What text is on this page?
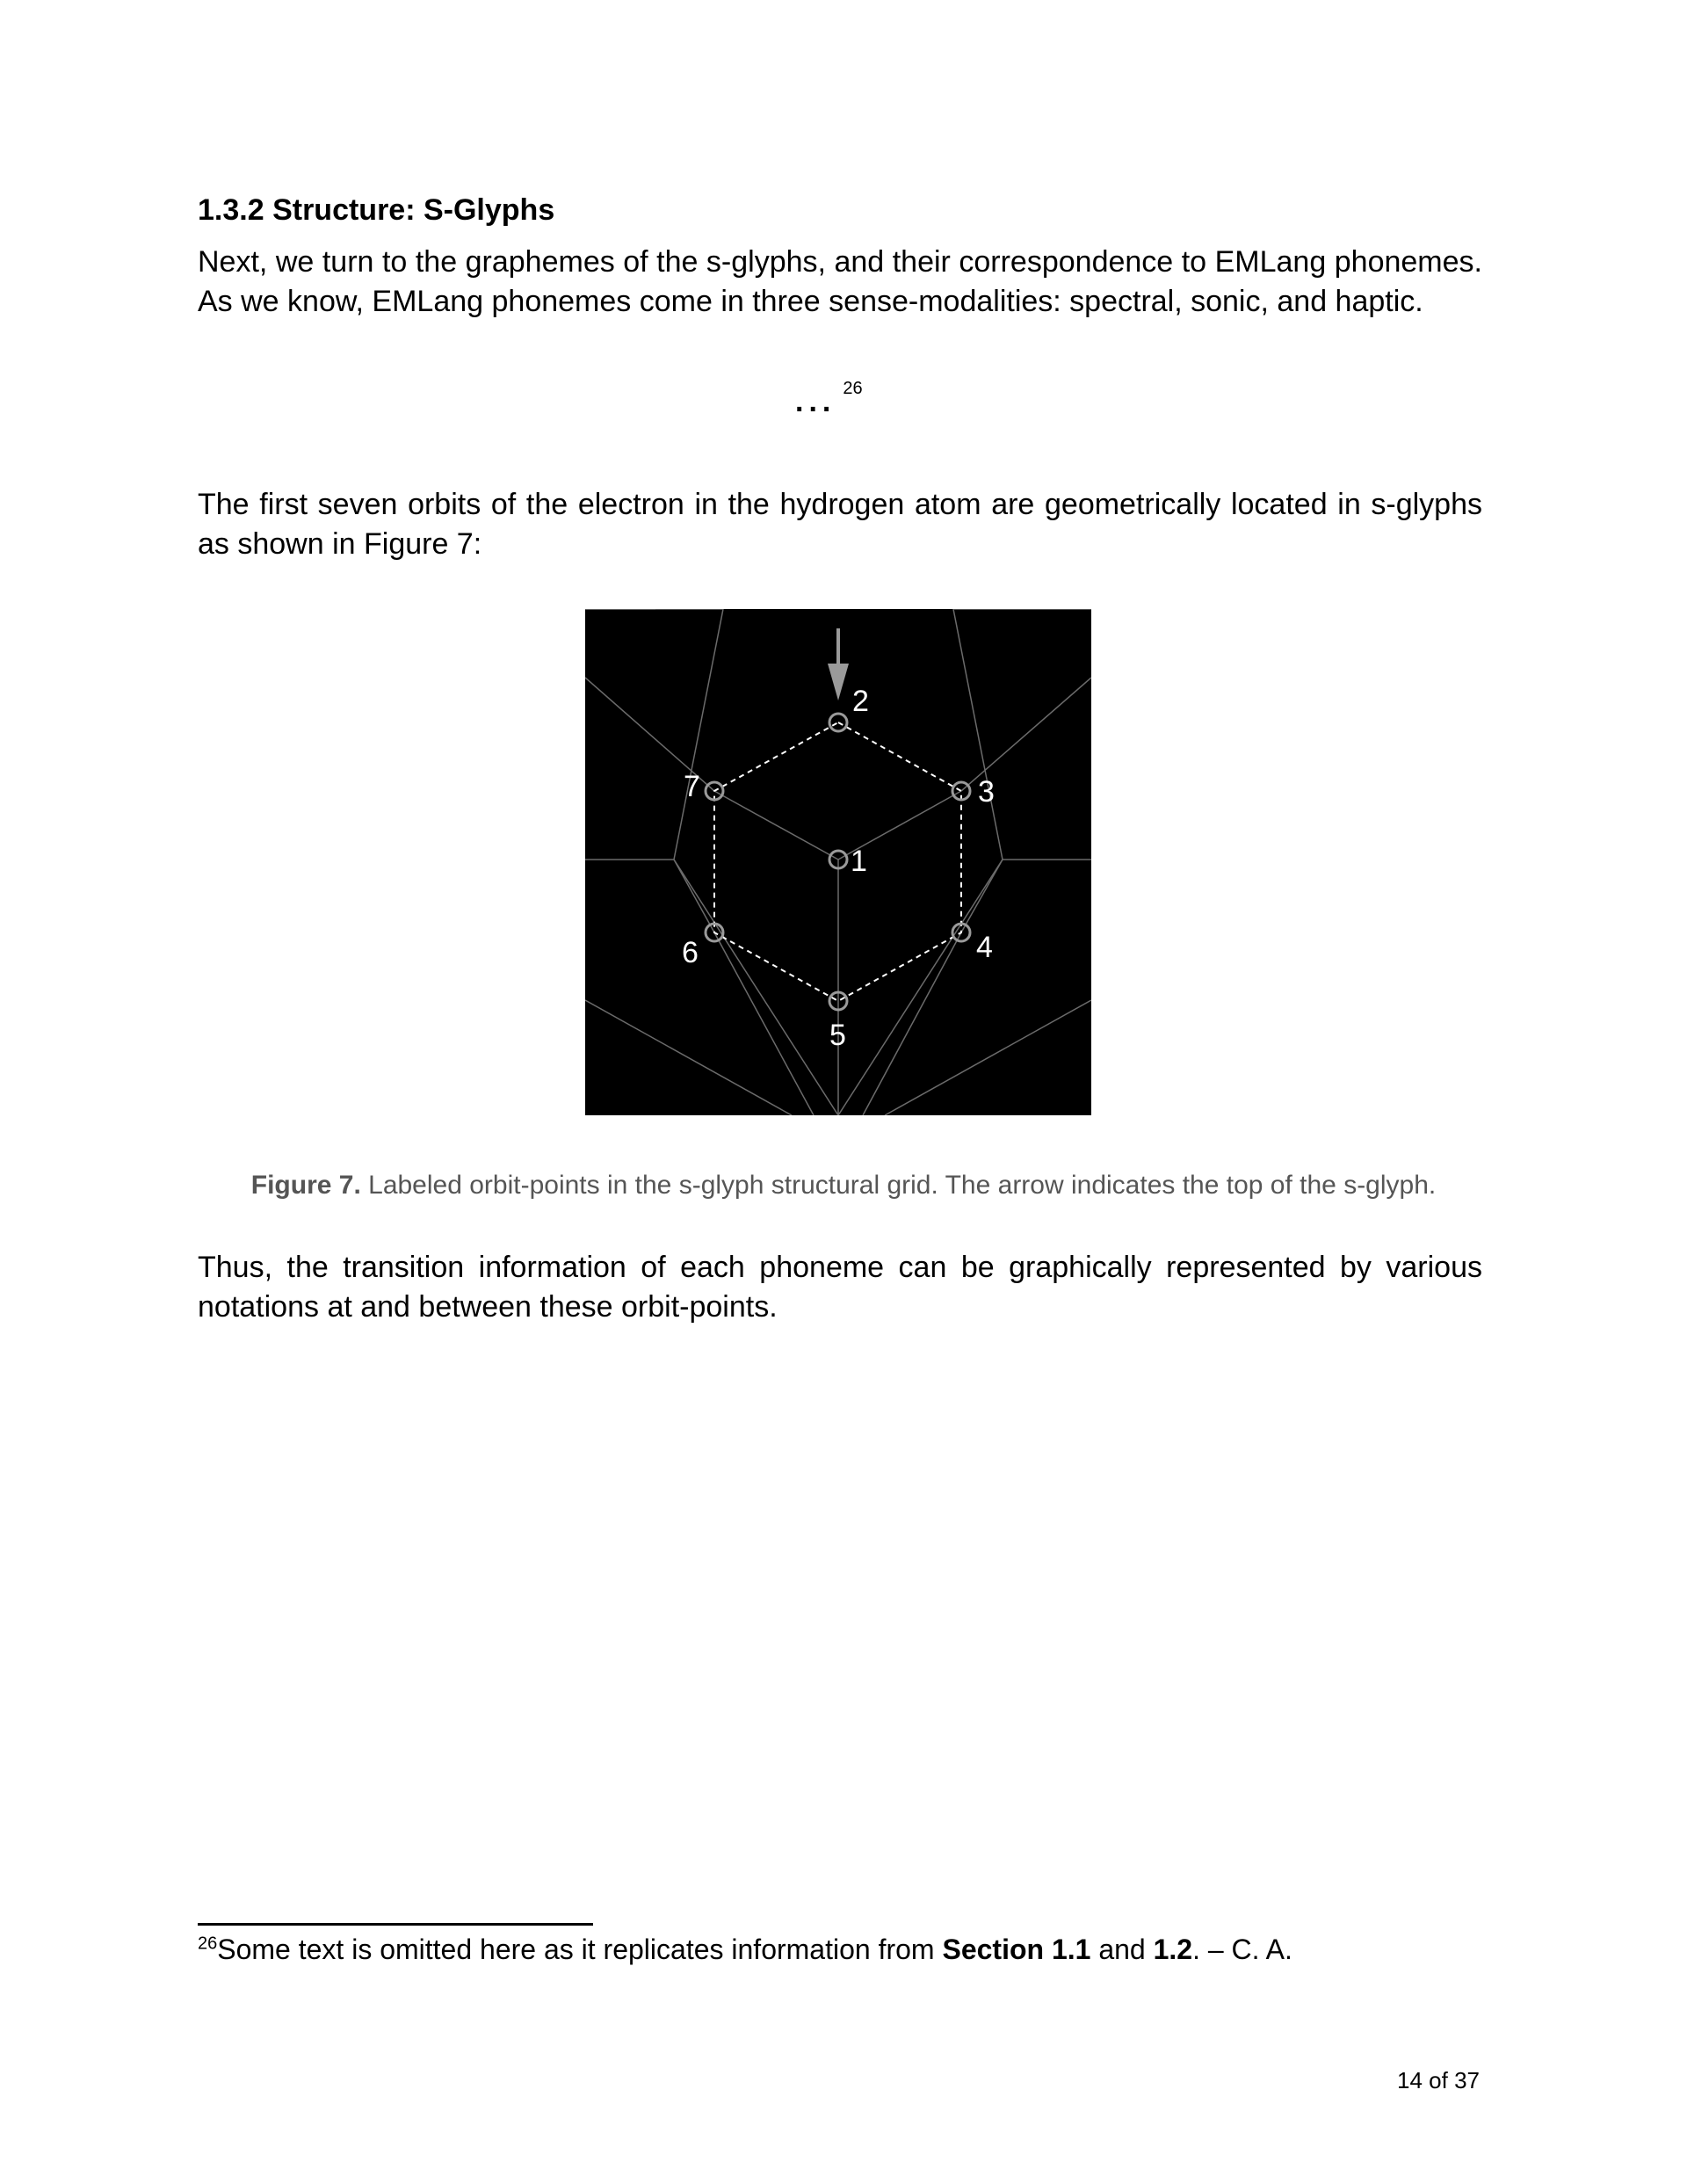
1.3.2 Structure: S-Glyphs

Next, we turn to the graphemes of the s-glyphs, and their correspondence to EMLang phonemes. As we know, EMLang phonemes come in three sense-modalities: spectral, sonic, and haptic.

... $^{26}$

The first seven orbits of the electron in the hydrogen atom are geometrically located in s-glyphs as shown in Figure 7:

1
2
3
4
5
6
7
Figure 7. Labeled orbit-points in the s-glyph structural grid. The arrow indicates the top of the s-glyph.

Thus, the transition information of each phoneme can be graphically represented by various notations at and between these orbit-points.

$^{26}$Some text is omitted here as it replicates information from Section 1.1 and 1.2. – C. A.
14 of 37
